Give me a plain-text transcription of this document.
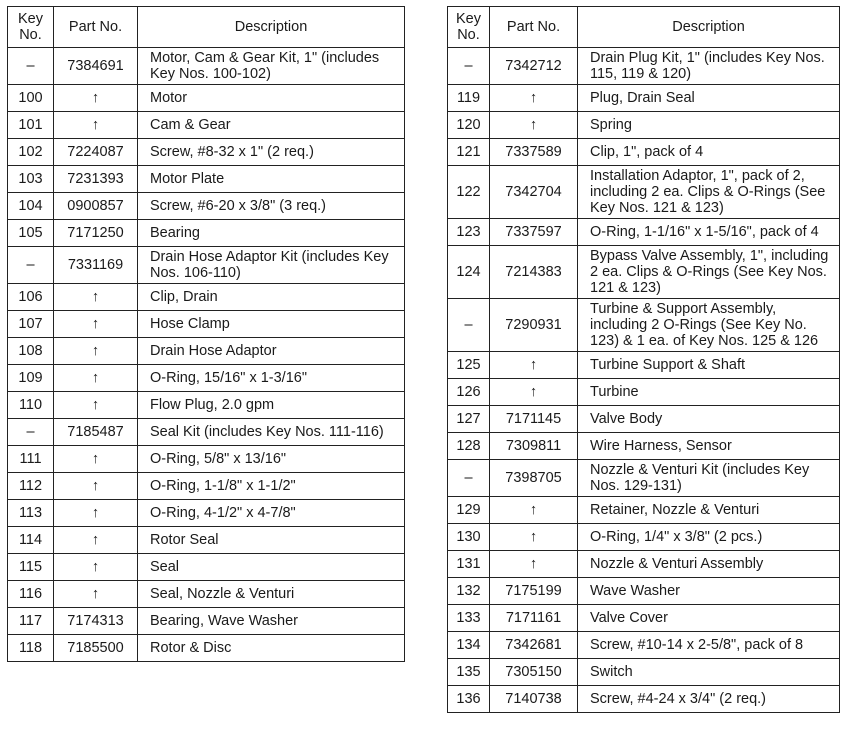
Key No.	Part No.	Description
–	7384691	Motor, Cam & Gear Kit, 1" (includes Key Nos. 100-102)
100	↑	Motor
101	↑	Cam & Gear
102	7224087	Screw, #8-32 x 1" (2 req.)
103	7231393	Motor Plate
104	0900857	Screw, #6-20 x 3/8" (3 req.)
105	7171250	Bearing
–	7331169	Drain Hose Adaptor Kit (includes Key Nos. 106-110)
106	↑	Clip, Drain
107	↑	Hose Clamp
108	↑	Drain Hose Adaptor
109	↑	O-Ring, 15/16" x 1-3/16"
110	↑	Flow Plug, 2.0 gpm
–	7185487	Seal Kit (includes Key Nos. 111-116)
111	↑	O-Ring, 5/8" x 13/16"
112	↑	O-Ring, 1-1/8" x 1-1/2"
113	↑	O-Ring, 4-1/2" x 4-7/8"
114	↑	Rotor Seal
115	↑	Seal
116	↑	Seal, Nozzle & Venturi
117	7174313	Bearing, Wave Washer
118	7185500	Rotor & Disc
Key No.	Part No.	Description
–	7342712	Drain Plug Kit, 1" (includes Key Nos. 115, 119 & 120)
119	↑	Plug, Drain Seal
120	↑	Spring
121	7337589	Clip, 1", pack of 4
122	7342704	Installation Adaptor, 1", pack of 2, including 2 ea. Clips & O-Rings (See Key Nos. 121 & 123)
123	7337597	O-Ring, 1-1/16" x 1-5/16", pack of 4
124	7214383	Bypass Valve Assembly, 1", including 2 ea. Clips & O-Rings (See Key Nos. 121 & 123)
–	7290931	Turbine & Support Assembly, including 2 O-Rings (See Key No. 123) & 1 ea. of Key Nos. 125 & 126
125	↑	Turbine Support & Shaft
126	↑	Turbine
127	7171145	Valve Body
128	7309811	Wire Harness, Sensor
–	7398705	Nozzle & Venturi Kit (includes Key Nos. 129-131)
129	↑	Retainer, Nozzle & Venturi
130	↑	O-Ring, 1/4" x 3/8" (2 pcs.)
131	↑	Nozzle & Venturi Assembly
132	7175199	Wave Washer
133	7171161	Valve Cover
134	7342681	Screw, #10-14 x 2-5/8", pack of 8
135	7305150	Switch
136	7140738	Screw, #4-24 x 3/4" (2 req.)
